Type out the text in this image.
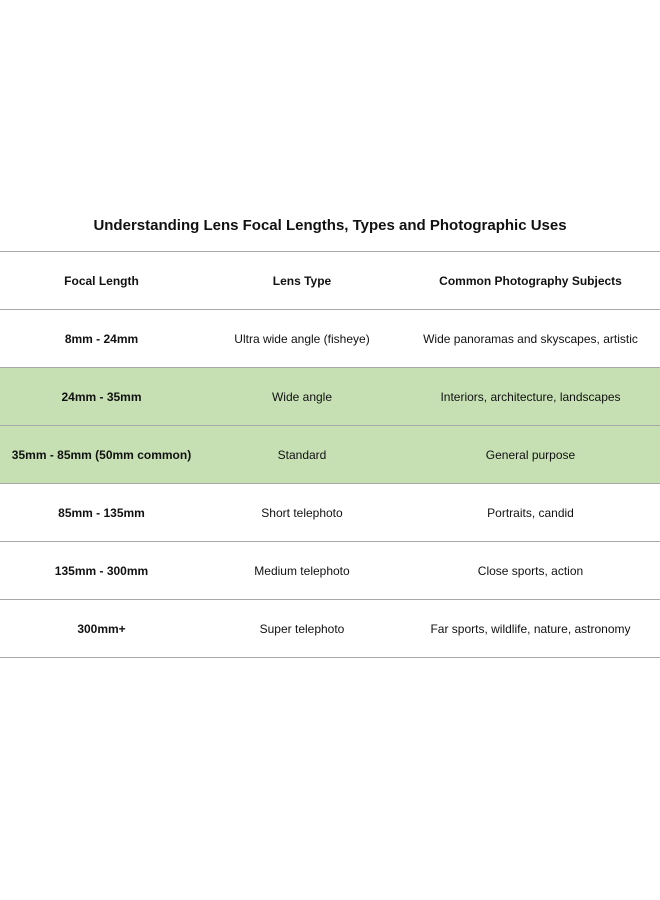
Understanding Lens Focal Lengths, Types and Photographic Uses
Focal Length	Lens Type	Common Photography Subjects
8mm - 24mm	Ultra wide angle (fisheye)	Wide panoramas and skyscapes, artistic
24mm - 35mm	Wide angle	Interiors, architecture, landscapes
35mm - 85mm (50mm common)	Standard	General purpose
85mm - 135mm	Short telephoto	Portraits, candid
135mm - 300mm	Medium telephoto	Close sports, action
300mm+	Super telephoto	Far sports, wildlife, nature, astronomy
